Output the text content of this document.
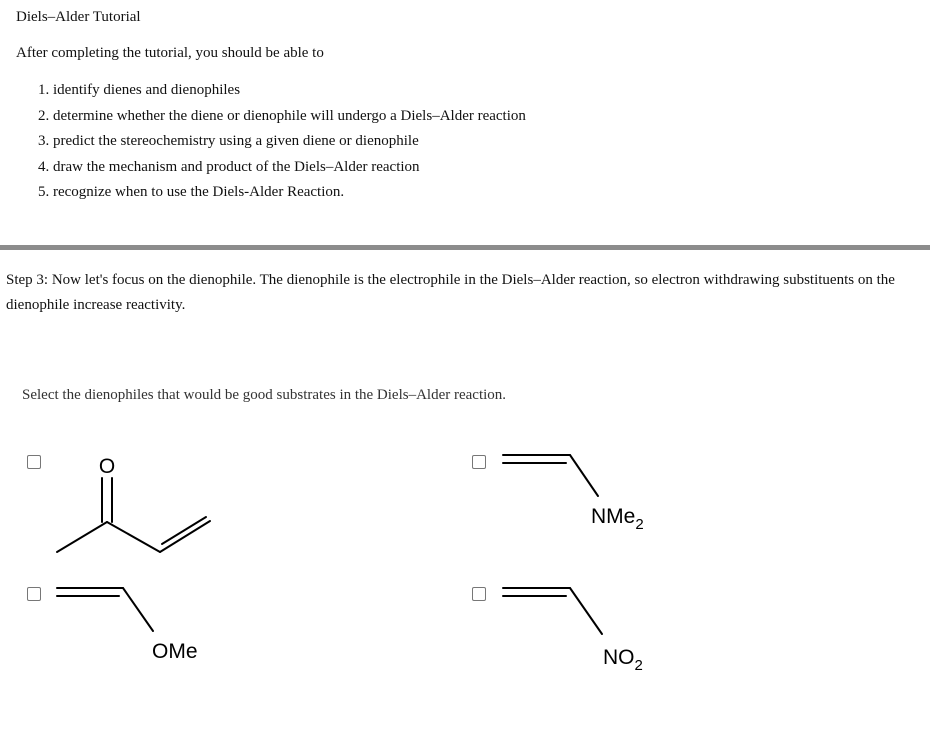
Diels–Alder Tutorial
After completing the tutorial, you should be able to
1. identify dienes and dienophiles
2. determine whether the diene or dienophile will undergo a Diels–Alder reaction
3. predict the stereochemistry using a given diene or dienophile
4. draw the mechanism and product of the Diels–Alder reaction
5. recognize when to use the Diels-Alder Reaction.
Step 3: Now let's focus on the dienophile. The dienophile is the electrophile in the Diels–Alder reaction, so electron withdrawing substituents on the dienophile increase reactivity.
Select the dienophiles that would be good substrates in the Diels–Alder reaction.
O
NMe$_2$
OMe	$NO_2$
